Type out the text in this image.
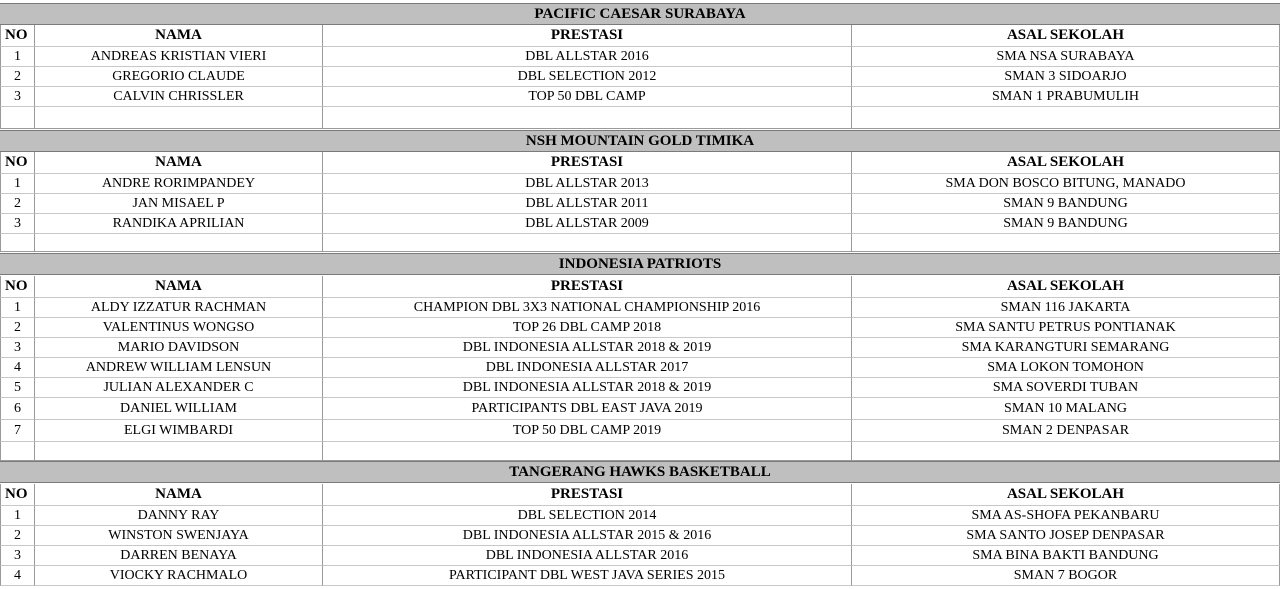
PACIFIC CAESAR SURABAYA
NO	NAMA	PRESTASI	ASAL SEKOLAH
1	ANDREAS KRISTIAN VIERI	DBL ALLSTAR 2016	SMA NSA SURABAYA
2	GREGORIO CLAUDE	DBL SELECTION 2012	SMAN 3 SIDOARJO
3	CALVIN CHRISSLER	TOP 50 DBL CAMP	SMAN 1 PRABUMULIH
NSH MOUNTAIN GOLD TIMIKA
NO	NAMA	PRESTASI	ASAL SEKOLAH
1	ANDRE RORIMPANDEY	DBL ALLSTAR 2013	SMA DON BOSCO BITUNG, MANADO
2	JAN MISAEL P	DBL ALLSTAR 2011	SMAN 9 BANDUNG
3	RANDIKA APRILIAN	DBL ALLSTAR 2009	SMAN 9 BANDUNG
INDONESIA PATRIOTS
NO	NAMA	PRESTASI	ASAL SEKOLAH
1	ALDY IZZATUR RACHMAN	CHAMPION DBL 3X3 NATIONAL CHAMPIONSHIP 2016	SMAN 116 JAKARTA
2	VALENTINUS WONGSO	TOP 26 DBL CAMP 2018	SMA SANTU PETRUS PONTIANAK
3	MARIO DAVIDSON	DBL INDONESIA ALLSTAR 2018 & 2019	SMA KARANGTURI SEMARANG
4	ANDREW WILLIAM LENSUN	DBL INDONESIA ALLSTAR 2017	SMA LOKON TOMOHON
5	JULIAN ALEXANDER C	DBL INDONESIA ALLSTAR 2018 & 2019	SMA SOVERDI TUBAN
6	DANIEL WILLIAM	PARTICIPANTS DBL EAST JAVA 2019	SMAN 10 MALANG
7	ELGI WIMBARDI	TOP 50 DBL CAMP 2019	SMAN 2 DENPASAR
TANGERANG HAWKS BASKETBALL
NO	NAMA	PRESTASI	ASAL SEKOLAH
1	DANNY RAY	DBL SELECTION 2014	SMA AS-SHOFA PEKANBARU
2	WINSTON SWENJAYA	DBL INDONESIA ALLSTAR 2015 & 2016	SMA SANTO JOSEP DENPASAR
3	DARREN BENAYA	DBL INDONESIA ALLSTAR 2016	SMA BINA BAKTI BANDUNG
4	VIOCKY RACHMALO	PARTICIPANT DBL WEST JAVA SERIES 2015	SMAN 7 BOGOR
